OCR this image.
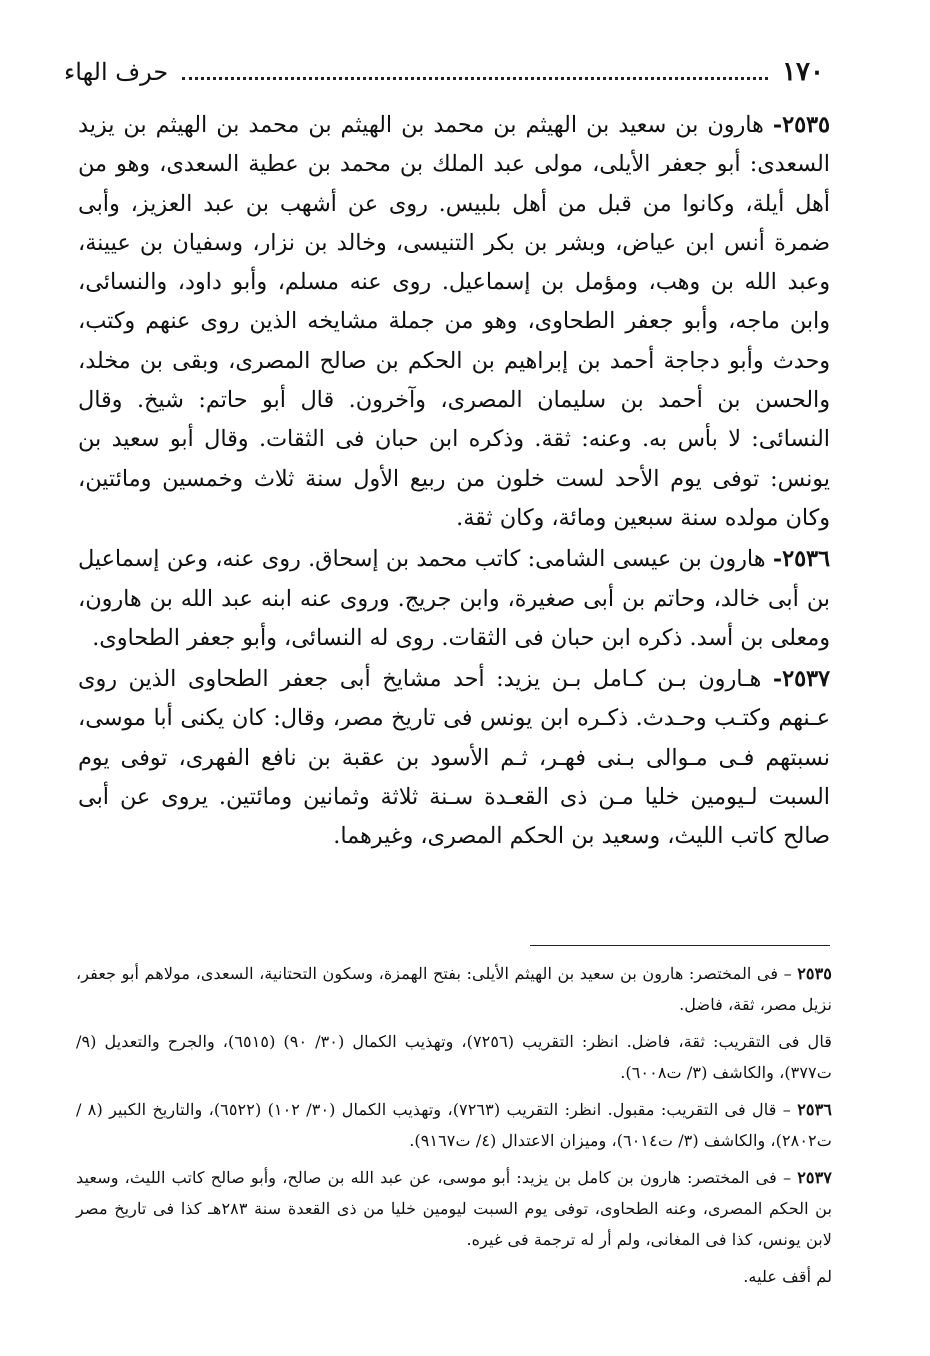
١٧٠
حرف الهاء

٢٥٣٥- هارون بن سعيد بن الهيثم بن محمد بن الهيثم بن محمد بن الهيثم بن يزيد السعدى: أبو جعفر الأيلى، مولى عبد الملك بن محمد بن عطية السعدى، وهو من أهل أيلة، وكانوا من قبل من أهل بلبيس. روى عن أشهب بن عبد العزيز، وأبى ضمرة أنس ابن عياض، وبشر بن بكر التنيسى، وخالد بن نزار، وسفيان بن عيينة، وعبد الله بن وهب، ومؤمل بن إسماعيل. روى عنه مسلم، وأبو داود، والنسائى، وابن ماجه، وأبو جعفر الطحاوى، وهو من جملة مشايخه الذين روى عنهم وكتب، وحدث وأبو دجاجة أحمد بن إبراهيم بن الحكم بن صالح المصرى، وبقى بن مخلد، والحسن بن أحمد بن سليمان المصرى، وآخرون. قال أبو حاتم: شيخ. وقال النسائى: لا بأس به. وعنه: ثقة. وذكره ابن حبان فى الثقات. وقال أبو سعيد بن يونس: توفى يوم الأحد لست خلون من ربيع الأول سنة ثلاث وخمسين ومائتين، وكان مولده سنة سبعين ومائة، وكان ثقة.

٢٥٣٦- هارون بن عيسى الشامى: كاتب محمد بن إسحاق. روى عنه، وعن إسماعيل بن أبى خالد، وحاتم بن أبى صغيرة، وابن جريج. وروى عنه ابنه عبد الله بن هارون، ومعلى بن أسد. ذكره ابن حبان فى الثقات. روى له النسائى، وأبو جعفر الطحاوى.

٢٥٣٧- هـارون بـن كـامل بـن يزيد: أحد مشايخ أبى جعفر الطحاوى الذين روى عـنهم وكتـب وحـدث. ذكـره ابن يونس فى تاريخ مصر، وقال: كان يكنى أبا موسى، نسبتهم فـى مـوالى بـنى فهـر، ثـم الأسود بن عقبة بن نافع الفهرى، توفى يوم السبت لـيومين خليا مـن ذى القعـدة سـنة ثلاثة وثمانين ومائتين. يروى عن أبى صالح كاتب الليث، وسعيد بن الحكم المصرى، وغيرهما.

٢٥٣٥ – فى المختصر: هارون بن سعيد بن الهيثم الأيلى: بفتح الهمزة، وسكون التحتانية، السعدى، مولاهم أبو جعفر، نزيل مصر، ثقة، فاضل.

قال فى التقريب: ثقة، فاضل. انظر: التقريب (٧٢٥٦)، وتهذيب الكمال (٣٠/ ٩٠) (٦٥١٥)، والجرح والتعديل (٩/ ت٣٧٧)، والكاشف (٣/ ت٦٠٠٨).

٢٥٣٦ – قال فى التقريب: مقبول. انظر: التقريب (٧٢٦٣)، وتهذيب الكمال (٣٠/ ١٠٢) (٦٥٢٢)، والتاريخ الكبير (٨ / ت٢٨٠٢)، والكاشف (٣/ ت٦٠١٤)، وميزان الاعتدال (٤/ ت٩١٦٧).

٢٥٣٧ – فى المختصر: هارون بن كامل بن يزيد: أبو موسى، عن عبد الله بن صالح، وأبو صالح كاتب الليث، وسعيد بن الحكم المصرى، وعنه الطحاوى، توفى يوم السبت ليومين خليا من ذى القعدة سنة ٢٨٣هـ كذا فى تاريخ مصر لابن يونس، كذا فى المغانى، ولم أر له ترجمة فى غيره.

لم أقف عليه.
